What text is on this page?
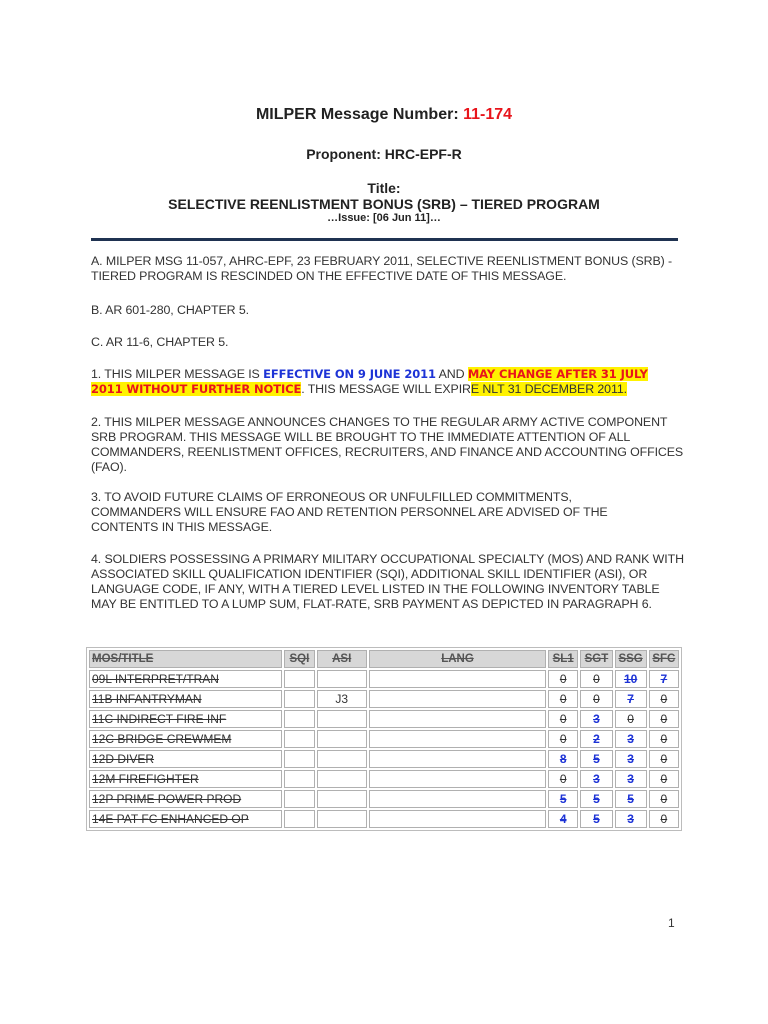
MILPER Message Number: 11-174
Proponent: HRC-EPF-R
Title:
SELECTIVE REENLISTMENT BONUS (SRB) – TIERED PROGRAM
…Issue: [06 Jun 11]…
A. MILPER MSG 11-057, AHRC-EPF, 23 FEBRUARY 2011, SELECTIVE REENLISTMENT BONUS (SRB) - TIERED PROGRAM IS RESCINDED ON THE EFFECTIVE DATE OF THIS MESSAGE.
B. AR 601-280, CHAPTER 5.
C. AR 11-6, CHAPTER 5.
1. THIS MILPER MESSAGE IS EFFECTIVE ON 9 JUNE 2011 AND MAY CHANGE AFTER 31 JULY 2011 WITHOUT FURTHER NOTICE. THIS MESSAGE WILL EXPIRE NLT 31 DECEMBER 2011.
2. THIS MILPER MESSAGE ANNOUNCES CHANGES TO THE REGULAR ARMY ACTIVE COMPONENT SRB PROGRAM. THIS MESSAGE WILL BE BROUGHT TO THE IMMEDIATE ATTENTION OF ALL COMMANDERS, REENLISTMENT OFFICES, RECRUITERS, AND FINANCE AND ACCOUNTING OFFICES (FAO).
3. TO AVOID FUTURE CLAIMS OF ERRONEOUS OR UNFULFILLED COMMITMENTS, COMMANDERS WILL ENSURE FAO AND RETENTION PERSONNEL ARE ADVISED OF THE CONTENTS IN THIS MESSAGE.
4. SOLDIERS POSSESSING A PRIMARY MILITARY OCCUPATIONAL SPECIALTY (MOS) AND RANK WITH ASSOCIATED SKILL QUALIFICATION IDENTIFIER (SQI), ADDITIONAL SKILL IDENTIFIER (ASI), OR LANGUAGE CODE, IF ANY, WITH A TIERED LEVEL LISTED IN THE FOLLOWING INVENTORY TABLE MAY BE ENTITLED TO A LUMP SUM, FLAT-RATE, SRB PAYMENT AS DEPICTED IN PARAGRAPH 6.
MOS/TITLE	SQI	ASI	LANG	SL1	SGT	SSG	SFC
09L INTERPRET/TRAN				0	0	10	7
11B INFANTRYMAN		J3		0	0	7	0
11C INDIRECT FIRE INF				0	3	0	0
12C BRIDGE CREWMEM				0	2	3	0
12D DIVER				8	5	3	0
12M FIREFIGHTER				0	3	3	0
12P PRIME POWER PROD				5	5	5	0
14E PAT FC ENHANCED OP				4	5	3	0
1
